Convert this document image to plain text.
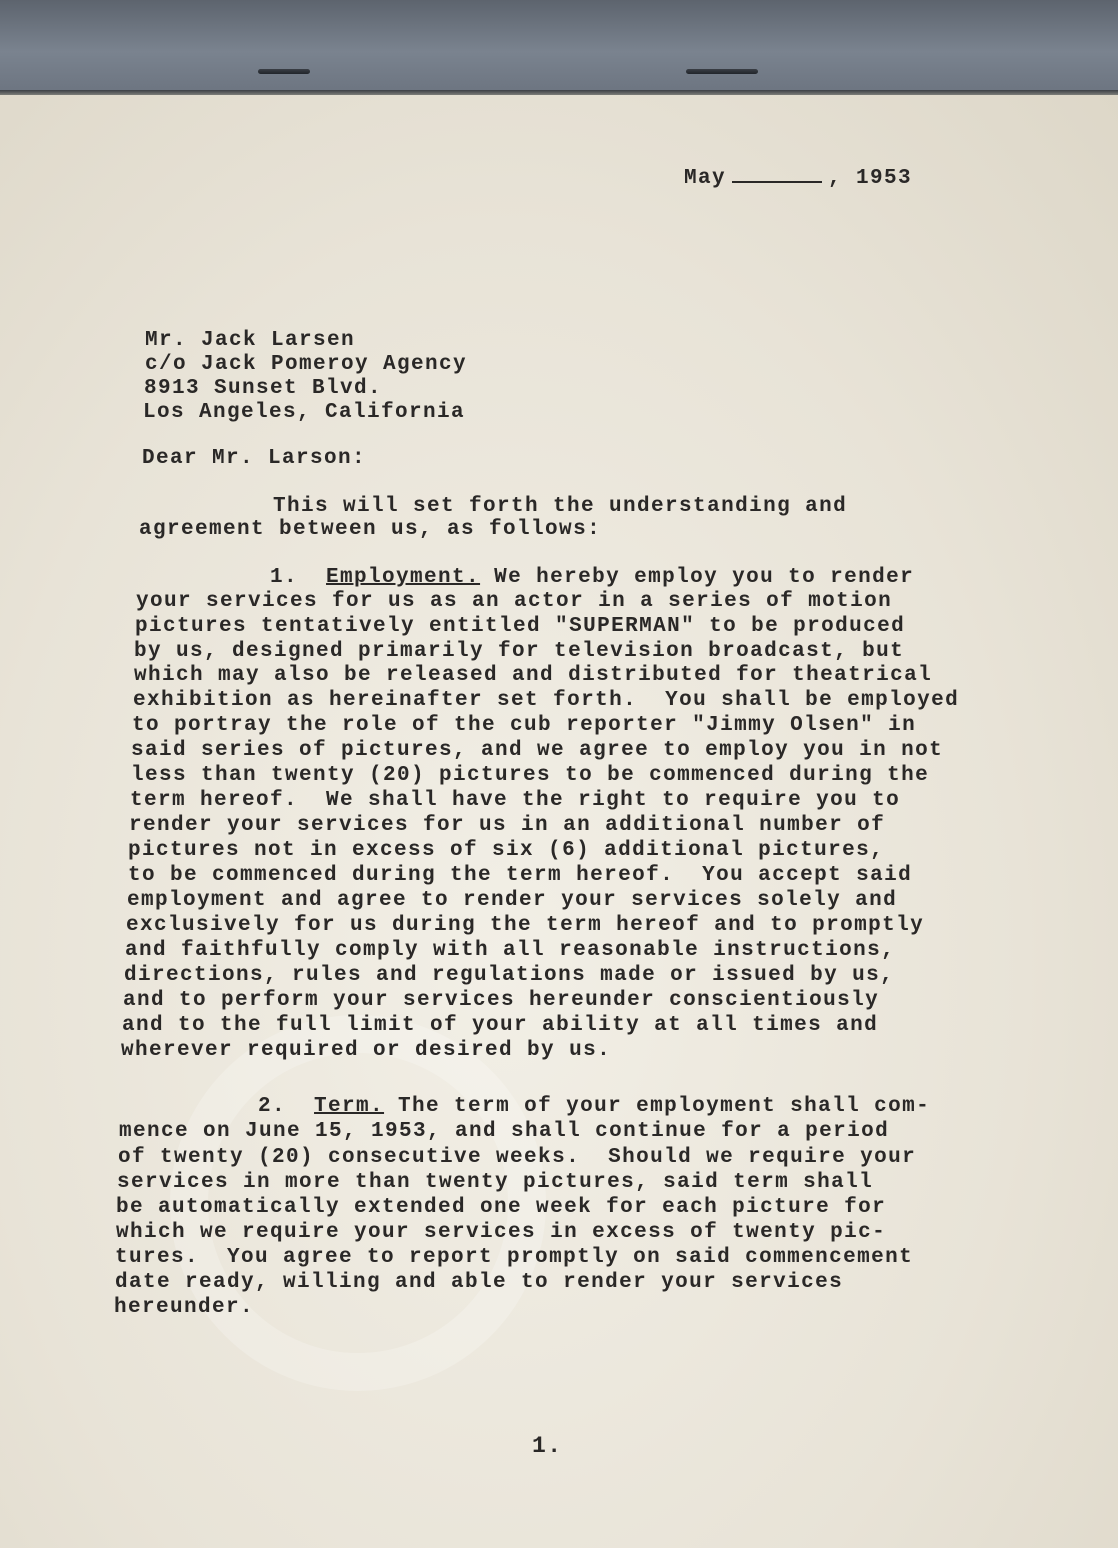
May	, 1953
Mr. Jack Larsen
c/o Jack Pomeroy Agency
8913 Sunset Blvd.
Los Angeles, California
Dear Mr. Larson:
This will set forth the understanding and
agreement between us, as follows:
1. Employment. We hereby employ you to render
your services for us as an actor in a series of motion
pictures tentatively entitled "SUPERMAN" to be produced
by us, designed primarily for television broadcast, but
which may also be released and distributed for theatrical
exhibition as hereinafter set forth.  You shall be employed
to portray the role of the cub reporter "Jimmy Olsen" in
said series of pictures, and we agree to employ you in not
less than twenty (20) pictures to be commenced during the
term hereof.  We shall have the right to require you to
render your services for us in an additional number of
pictures not in excess of six (6) additional pictures,
to be commenced during the term hereof.  You accept said
employment and agree to render your services solely and
exclusively for us during the term hereof and to promptly
and faithfully comply with all reasonable instructions,
directions, rules and regulations made or issued by us,
and to perform your services hereunder conscientiously
and to the full limit of your ability at all times and
wherever required or desired by us.
2. Term. The term of your employment shall com-
mence on June 15, 1953, and shall continue for a period
of twenty (20) consecutive weeks.  Should we require your
services in more than twenty pictures, said term shall
be automatically extended one week for each picture for
which we require your services in excess of twenty pic-
tures.  You agree to report promptly on said commencement
date ready, willing and able to render your services
hereunder.
1.
